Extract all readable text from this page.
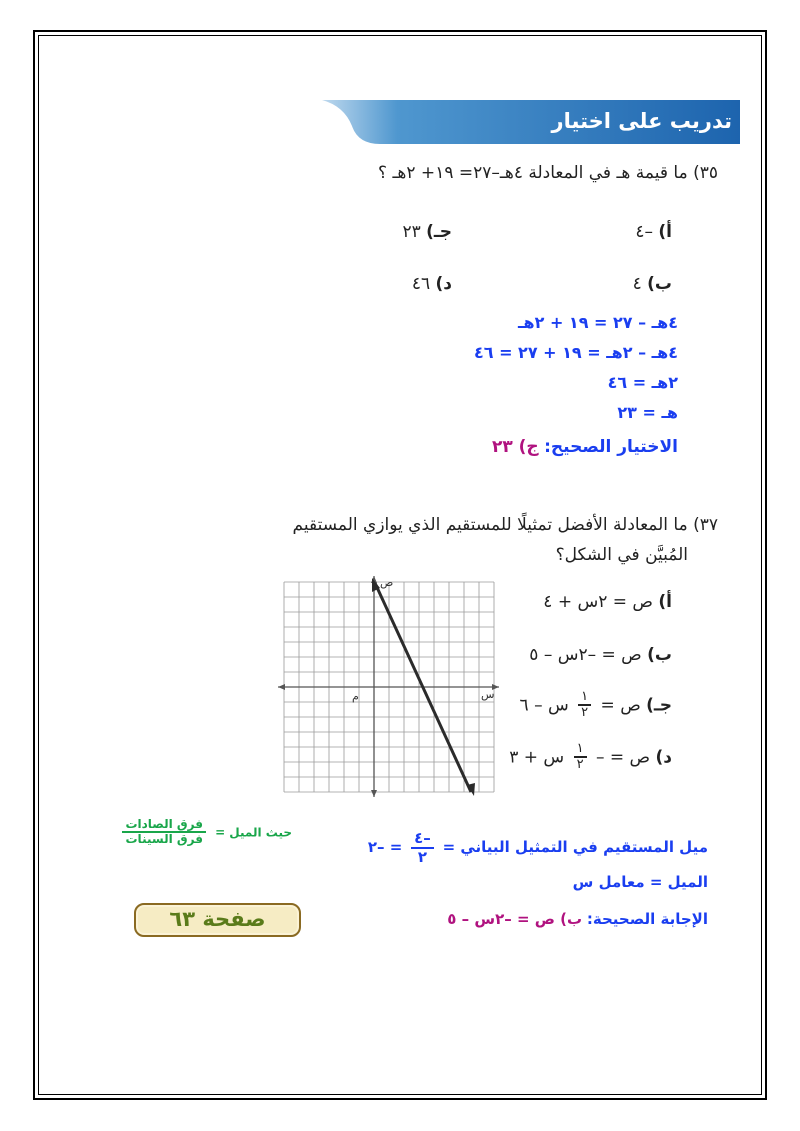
تدريب على اختيار
٣٥) ما قيمة هـ في المعادلة ٤هـ–٢٧= ١٩+ ٢هـ ؟
أ) –٤
جـ) ٢٣
ب) ٤
د) ٤٦
٤هـ – ٢٧ = ١٩ + ٢هـ
٤هـ – ٢هـ = ١٩ + ٢٧ = ٤٦
٢هـ = ٤٦
هـ = ٢٣
الاختيار الصحيح: ج) ٢٣
٣٧) ما المعادلة الأفضل تمثيلًا للمستقيم الذي يوازي المستقيم
المُبيَّن في الشكل؟
أ) ص = ٢س + ٤
ب) ص = –٢س – ٥
جـ) ص =
$\frac{١}{٢}$
س – ٦
د) ص = –
$\frac{١}{٢}$
س + ٣
ص
س
م
ميل المستقيم في التمثيل البياني =
$\frac{-٤}{٢}$
= –٢
حيث الميل =
$\frac{\text{فرق الصادات}}{\text{فرق السينات}}$
الميل = معامل س
صفحة ٦٣	الإجابة الصحيحة: ب) ص = –٢س – ٥
